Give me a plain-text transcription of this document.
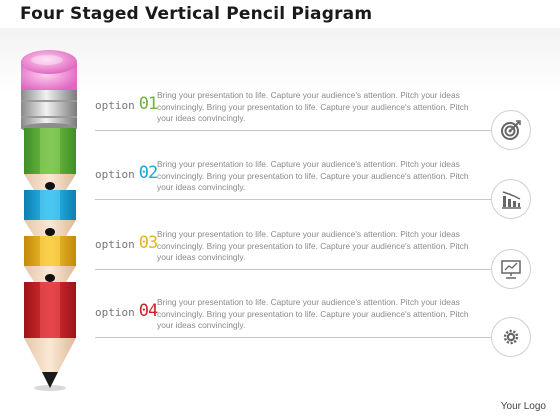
Four Staged Vertical Pencil Piagram
option 01 Bring your presentation to life. Capture your audience's attention. Pitch your ideas convincingly. Bring your presentation to life. Capture your audience's attention. Pitch your ideas convincingly.
option 02 Bring your presentation to life. Capture your audience's attention. Pitch your ideas convincingly. Bring your presentation to life. Capture your audience's attention. Pitch your ideas convincingly.
option 03 Bring your presentation to life. Capture your audience's attention. Pitch your ideas convincingly. Bring your presentation to life. Capture your audience's attention. Pitch your ideas convincingly.
option 04 Bring your presentation to life. Capture your audience's attention. Pitch your ideas convincingly. Bring your presentation to life. Capture your audience's attention. Pitch your ideas convincingly.
Your Logo
